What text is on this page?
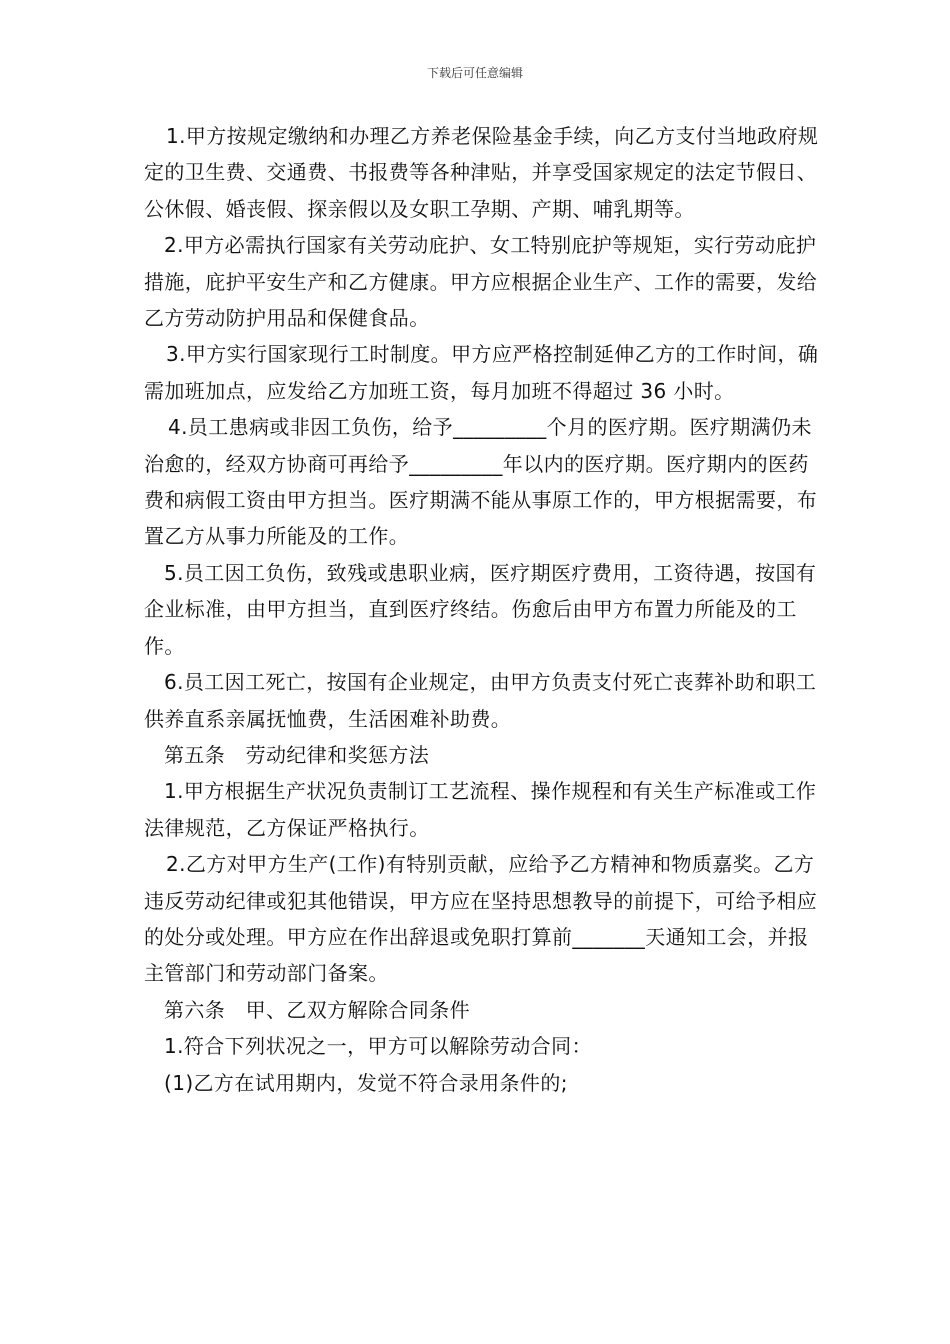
下载后可任意编辑

1.甲方按规定缴纳和办理乙方养老保险基金手续，向乙方支付当地政府规定的卫生费、交通费、书报费等各种津贴，并享受国家规定的法定节假日、公休假、婚丧假、探亲假以及女职工孕期、产期、哺乳期等。

2.甲方必需执行国家有关劳动庇护、女工特别庇护等规矩，实行劳动庇护措施，庇护平安生产和乙方健康。甲方应根据企业生产、工作的需要，发给乙方劳动防护用品和保健食品。

3.甲方实行国家现行工时制度。甲方应严格控制延伸乙方的工作时间，确需加班加点，应发给乙方加班工资，每月加班不得超过 36 小时。

4.员工患病或非因工负伤，给予_________个月的医疗期。医疗期满仍未治愈的，经双方协商可再给予_________年以内的医疗期。医疗期内的医药费和病假工资由甲方担当。医疗期满不能从事原工作的，甲方根据需要，布置乙方从事力所能及的工作。

5.员工因工负伤，致残或患职业病，医疗期医疗费用，工资待遇，按国有企业标准，由甲方担当，直到医疗终结。伤愈后由甲方布置力所能及的工作。

6.员工因工死亡，按国有企业规定，由甲方负责支付死亡丧葬补助和职工供养直系亲属抚恤费，生活困难补助费。

第五条　劳动纪律和奖惩方法

1.甲方根据生产状况负责制订工艺流程、操作规程和有关生产标准或工作法律规范，乙方保证严格执行。

2.乙方对甲方生产(工作)有特别贡献，应给予乙方精神和物质嘉奖。乙方违反劳动纪律或犯其他错误，甲方应在坚持思想教导的前提下，可给予相应的处分或处理。甲方应在作出辞退或免职打算前_______天通知工会，并报主管部门和劳动部门备案。

第六条　甲、乙双方解除合同条件

1.符合下列状况之一，甲方可以解除劳动合同：

(1)乙方在试用期内，发觉不符合录用条件的;
